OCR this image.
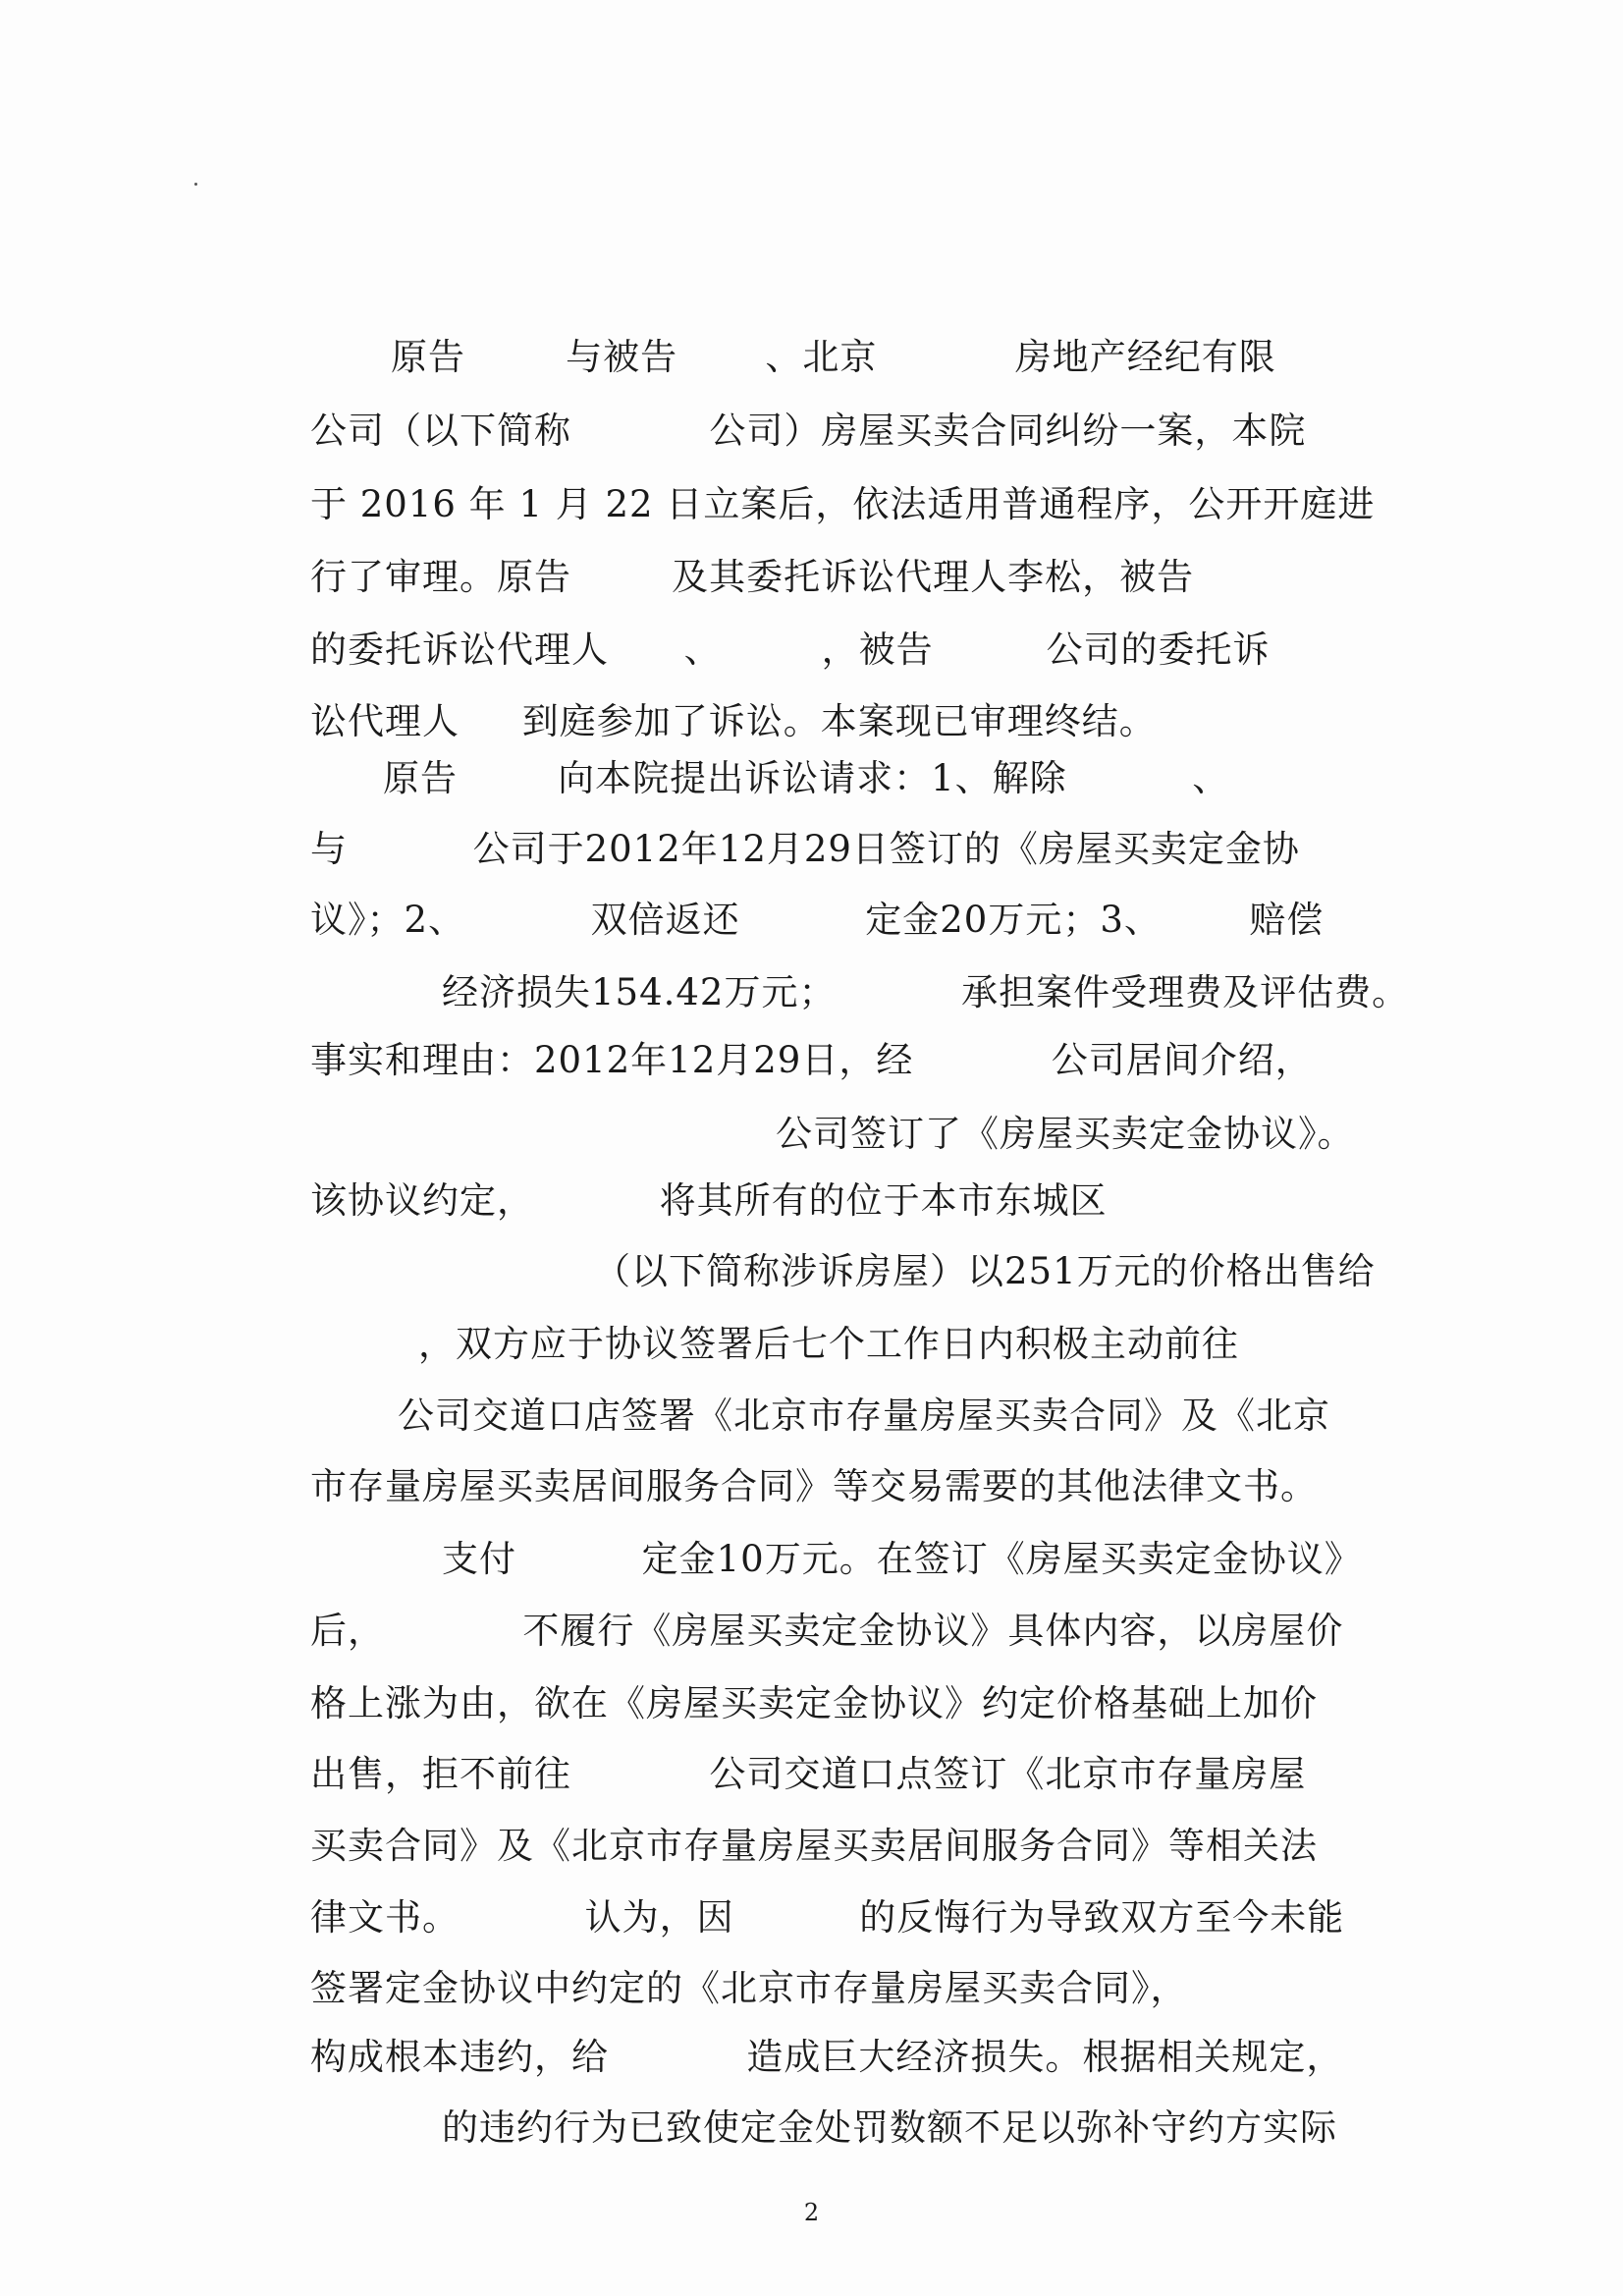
原告        与被告       、北京           房地产经纪有限
公司（以下简称           公司）房屋买卖合同纠纷一案，本院
于 2016 年 1 月 22 日立案后，依法适用普通程序，公开开庭进
行了审理。原告        及其委托诉讼代理人李松，被告
的委托诉讼代理人      、        ，被告         公司的委托诉
讼代理人     到庭参加了诉讼。本案现已审理终结。
原告        向本院提出诉讼请求：1、解除          、
与          公司于2012年12月29日签订的《房屋买卖定金协
议》；2、          双倍返还          定金20万元；3、       赔偿
经济损失154.42万元；          承担案件受理费及评估费。
事实和理由：2012年12月29日，经           公司居间介绍，
公司签订了《房屋买卖定金协议》。
该协议约定，          将其所有的位于本市东城区
（以下简称涉诉房屋）以251万元的价格出售给
，双方应于协议签署后七个工作日内积极主动前往
公司交道口店签署《北京市存量房屋买卖合同》及《北京
市存量房屋买卖居间服务合同》等交易需要的其他法律文书。
支付          定金10万元。在签订《房屋买卖定金协议》
后，           不履行《房屋买卖定金协议》具体内容，以房屋价
格上涨为由，欲在《房屋买卖定金协议》约定价格基础上加价
出售，拒不前往           公司交道口点签订《北京市存量房屋
买卖合同》及《北京市存量房屋买卖居间服务合同》等相关法
律文书。          认为，因          的反悔行为导致双方至今未能
签署定金协议中约定的《北京市存量房屋买卖合同》，
构成根本违约，给           造成巨大经济损失。根据相关规定，
的违约行为已致使定金处罚数额不足以弥补守约方实际
2
